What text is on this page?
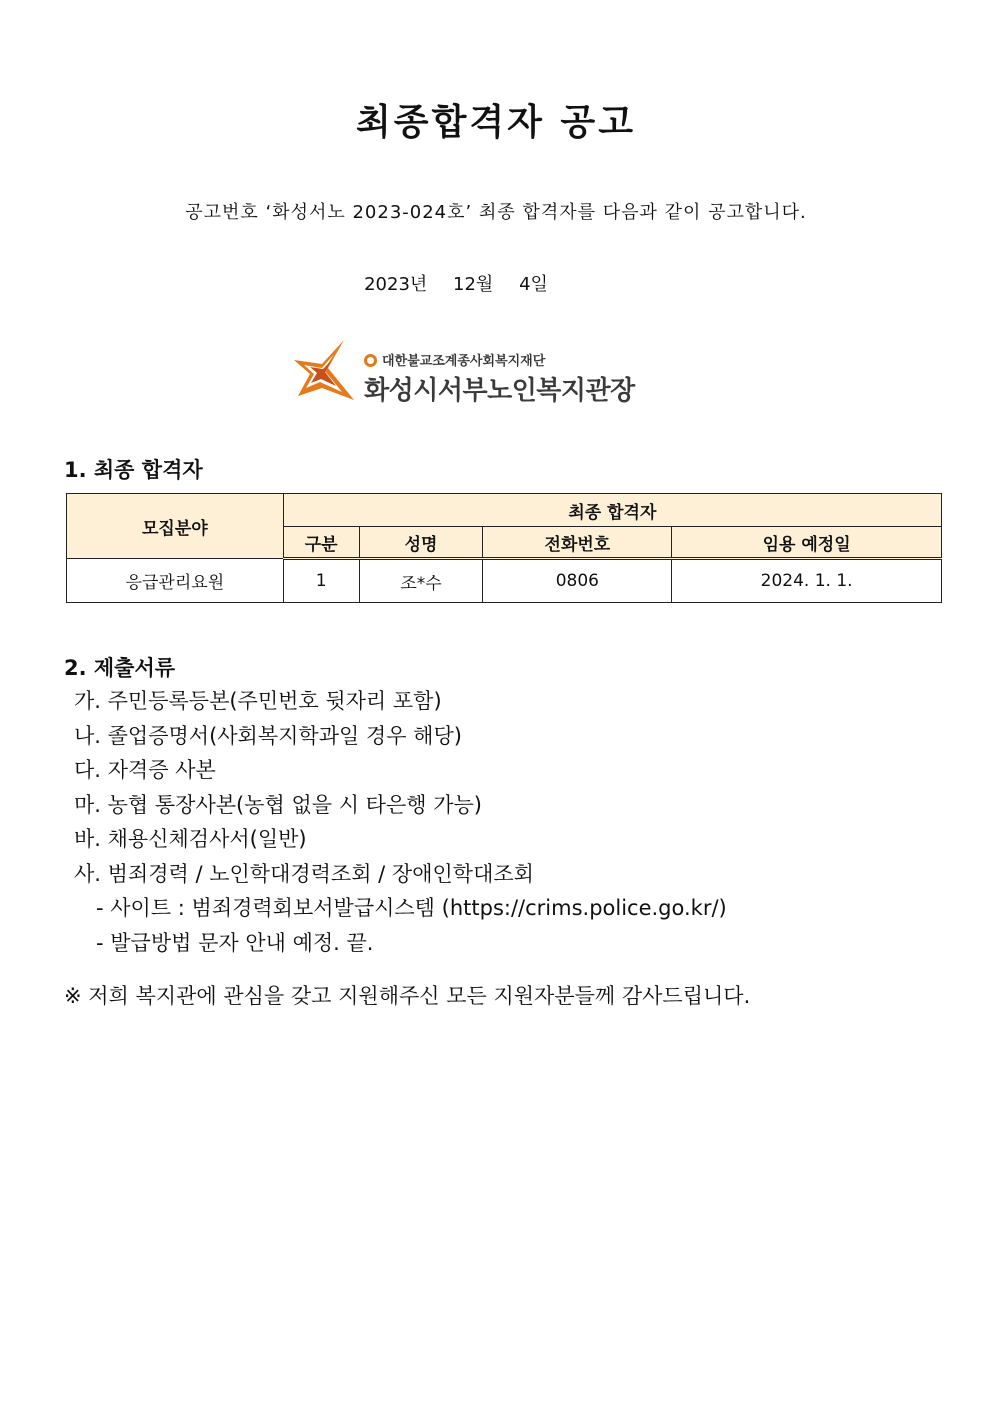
최종합격자 공고
공고번호 ‘화성서노 2023-024호’ 최종 합격자를 다음과 같이 공고합니다.
2023년 12월 4일
대한불교조계종사회복지재단
화성시서부노인복지관장
1. 최종 합격자
모집분야	최종 합격자			
	구분	성명	전화번호	임용 예정일
응급관리요원	1	조*수	0806	2024. 1. 1.
2. 제출서류
가. 주민등록등본(주민번호 뒷자리 포함)
나. 졸업증명서(사회복지학과일 경우 해당)
다. 자격증 사본
마. 농협 통장사본(농협 없을 시 타은행 가능)
바. 채용신체검사서(일반)
사. 범죄경력 / 노인학대경력조회 / 장애인학대조회
- 사이트 : 범죄경력회보서발급시스템 (https://crims.police.go.kr/)
- 발급방법 문자 안내 예정. 끝.
※ 저희 복지관에 관심을 갖고 지원해주신 모든 지원자분들께 감사드립니다.
